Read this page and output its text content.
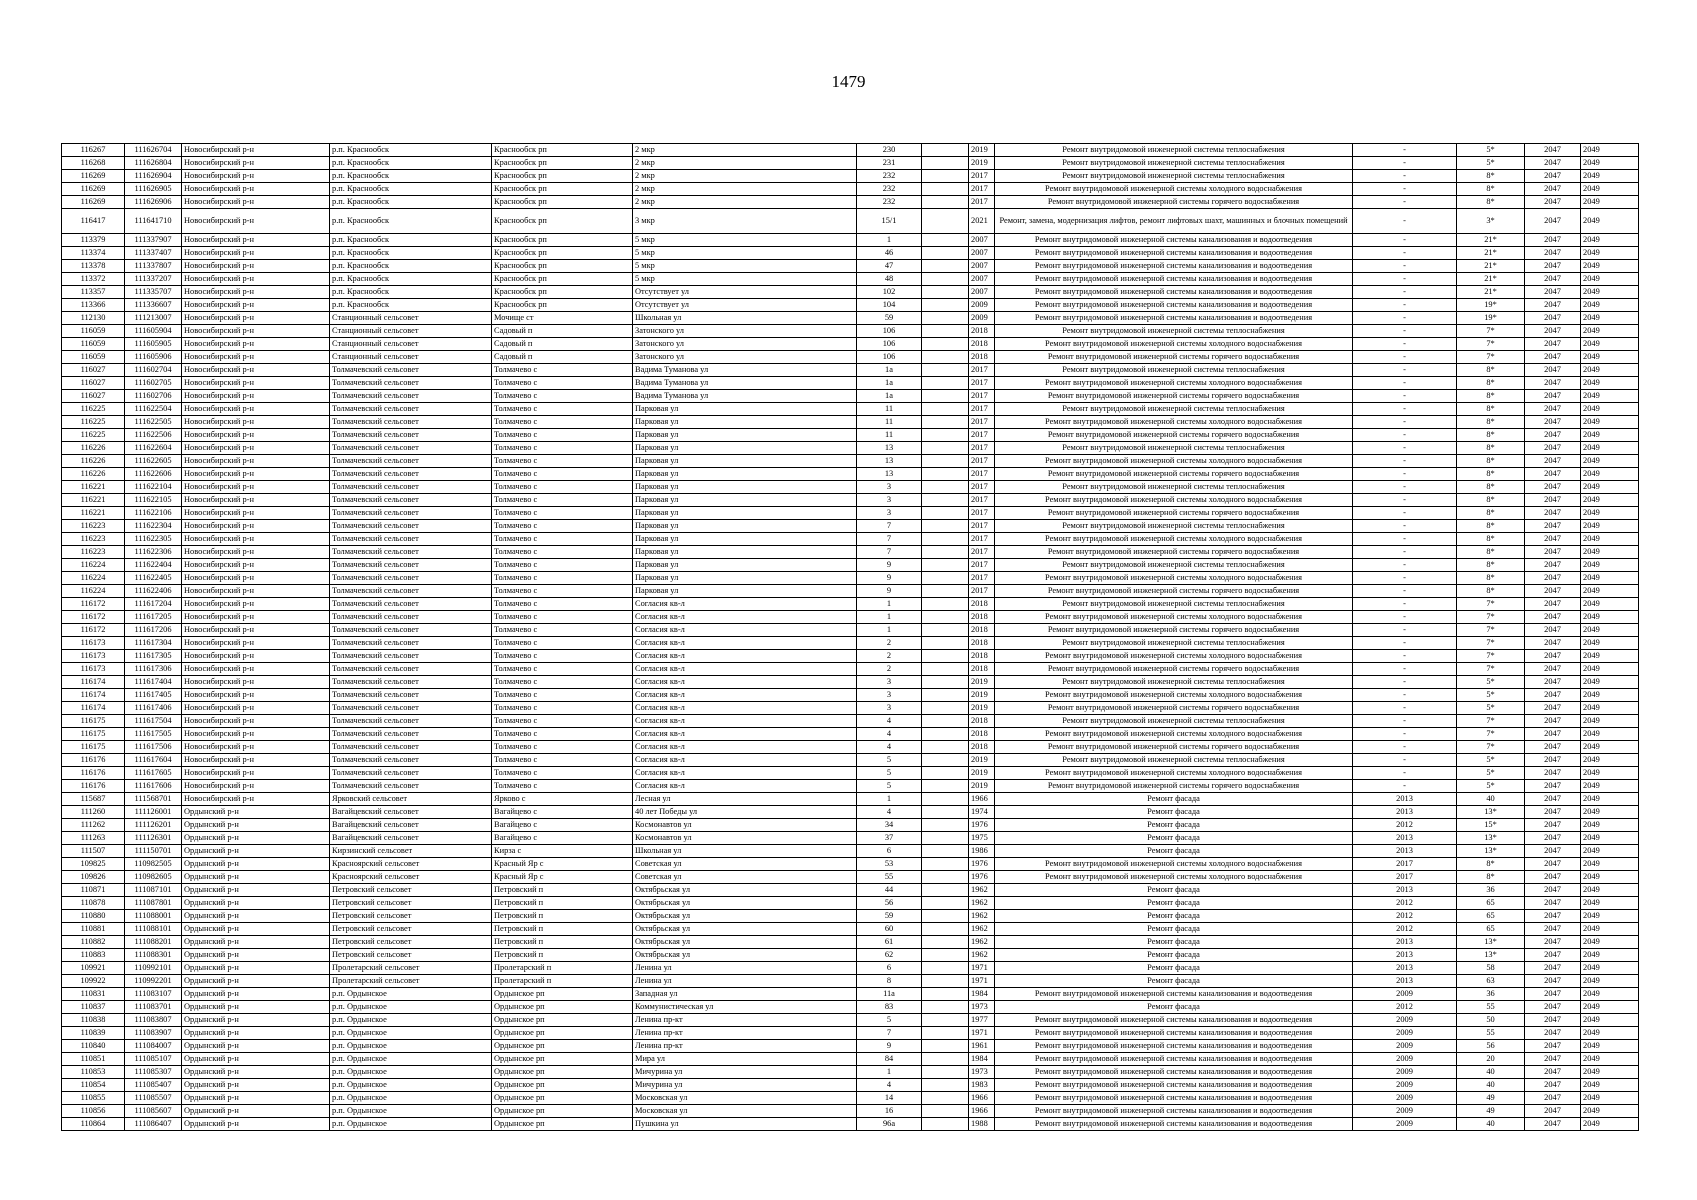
1479
116267	111626704	Новосибирский р-н	р.п. Краснообск	Краснообск рп	2 мкр	230		2019	Ремонт внутридомовой инженерной системы теплоснабжения	-	5*	2047	2049
116268	111626804	Новосибирский р-н	р.п. Краснообск	Краснообск рп	2 мкр	231		2019	Ремонт внутридомовой инженерной системы теплоснабжения	-	5*	2047	2049
116269	111626904	Новосибирский р-н	р.п. Краснообск	Краснообск рп	2 мкр	232		2017	Ремонт внутридомовой инженерной системы теплоснабжения	-	8*	2047	2049
116269	111626905	Новосибирский р-н	р.п. Краснообск	Краснообск рп	2 мкр	232		2017	Ремонт внутридомовой инженерной системы холодного водоснабжения	-	8*	2047	2049
116269	111626906	Новосибирский р-н	р.п. Краснообск	Краснообск рп	2 мкр	232		2017	Ремонт внутридомовой инженерной системы горячего водоснабжения	-	8*	2047	2049
116417	111641710	Новосибирский р-н	р.п. Краснообск	Краснообск рп	3 мкр	15/1		2021	Ремонт, замена, модернизация лифтов, ремонт лифтовых шахт, машинных и блочных помещений	-	3*	2047	2049
113379	111337907	Новосибирский р-н	р.п. Краснообск	Краснообск рп	5 мкр	1		2007	Ремонт внутридомовой инженерной системы канализования и водоотведения	-	21*	2047	2049
113374	111337407	Новосибирский р-н	р.п. Краснообск	Краснообск рп	5 мкр	46		2007	Ремонт внутридомовой инженерной системы канализования и водоотведения	-	21*	2047	2049
113378	111337807	Новосибирский р-н	р.п. Краснообск	Краснообск рп	5 мкр	47		2007	Ремонт внутридомовой инженерной системы канализования и водоотведения	-	21*	2047	2049
113372	111337207	Новосибирский р-н	р.п. Краснообск	Краснообск рп	5 мкр	48		2007	Ремонт внутридомовой инженерной системы канализования и водоотведения	-	21*	2047	2049
113357	111335707	Новосибирский р-н	р.п. Краснообск	Краснообск рп	Отсутствует ул	102		2007	Ремонт внутридомовой инженерной системы канализования и водоотведения	-	21*	2047	2049
113366	111336607	Новосибирский р-н	р.п. Краснообск	Краснообск рп	Отсутствует ул	104		2009	Ремонт внутридомовой инженерной системы канализования и водоотведения	-	19*	2047	2049
112130	111213007	Новосибирский р-н	Станционный сельсовет	Мочище ст	Школьная ул	59		2009	Ремонт внутридомовой инженерной системы канализования и водоотведения	-	19*	2047	2049
116059	111605904	Новосибирский р-н	Станционный сельсовет	Садовый п	Затонского ул	106		2018	Ремонт внутридомовой инженерной системы теплоснабжения	-	7*	2047	2049
116059	111605905	Новосибирский р-н	Станционный сельсовет	Садовый п	Затонского ул	106		2018	Ремонт внутридомовой инженерной системы холодного водоснабжения	-	7*	2047	2049
116059	111605906	Новосибирский р-н	Станционный сельсовет	Садовый п	Затонского ул	106		2018	Ремонт внутридомовой инженерной системы горячего водоснабжения	-	7*	2047	2049
116027	111602704	Новосибирский р-н	Толмачевский сельсовет	Толмачево с	Вадима Туманова ул	1а		2017	Ремонт внутридомовой инженерной системы теплоснабжения	-	8*	2047	2049
116027	111602705	Новосибирский р-н	Толмачевский сельсовет	Толмачево с	Вадима Туманова ул	1а		2017	Ремонт внутридомовой инженерной системы холодного водоснабжения	-	8*	2047	2049
116027	111602706	Новосибирский р-н	Толмачевский сельсовет	Толмачево с	Вадима Туманова ул	1а		2017	Ремонт внутридомовой инженерной системы горячего водоснабжения	-	8*	2047	2049
116225	111622504	Новосибирский р-н	Толмачевский сельсовет	Толмачево с	Парковая ул	11		2017	Ремонт внутридомовой инженерной системы теплоснабжения	-	8*	2047	2049
116225	111622505	Новосибирский р-н	Толмачевский сельсовет	Толмачево с	Парковая ул	11		2017	Ремонт внутридомовой инженерной системы холодного водоснабжения	-	8*	2047	2049
116225	111622506	Новосибирский р-н	Толмачевский сельсовет	Толмачево с	Парковая ул	11		2017	Ремонт внутридомовой инженерной системы горячего водоснабжения	-	8*	2047	2049
116226	111622604	Новосибирский р-н	Толмачевский сельсовет	Толмачево с	Парковая ул	13		2017	Ремонт внутридомовой инженерной системы теплоснабжения	-	8*	2047	2049
116226	111622605	Новосибирский р-н	Толмачевский сельсовет	Толмачево с	Парковая ул	13		2017	Ремонт внутридомовой инженерной системы холодного водоснабжения	-	8*	2047	2049
116226	111622606	Новосибирский р-н	Толмачевский сельсовет	Толмачево с	Парковая ул	13		2017	Ремонт внутридомовой инженерной системы горячего водоснабжения	-	8*	2047	2049
116221	111622104	Новосибирский р-н	Толмачевский сельсовет	Толмачево с	Парковая ул	3		2017	Ремонт внутридомовой инженерной системы теплоснабжения	-	8*	2047	2049
116221	111622105	Новосибирский р-н	Толмачевский сельсовет	Толмачево с	Парковая ул	3		2017	Ремонт внутридомовой инженерной системы холодного водоснабжения	-	8*	2047	2049
116221	111622106	Новосибирский р-н	Толмачевский сельсовет	Толмачево с	Парковая ул	3		2017	Ремонт внутридомовой инженерной системы горячего водоснабжения	-	8*	2047	2049
116223	111622304	Новосибирский р-н	Толмачевский сельсовет	Толмачево с	Парковая ул	7		2017	Ремонт внутридомовой инженерной системы теплоснабжения	-	8*	2047	2049
116223	111622305	Новосибирский р-н	Толмачевский сельсовет	Толмачево с	Парковая ул	7		2017	Ремонт внутридомовой инженерной системы холодного водоснабжения	-	8*	2047	2049
116223	111622306	Новосибирский р-н	Толмачевский сельсовет	Толмачево с	Парковая ул	7		2017	Ремонт внутридомовой инженерной системы горячего водоснабжения	-	8*	2047	2049
116224	111622404	Новосибирский р-н	Толмачевский сельсовет	Толмачево с	Парковая ул	9		2017	Ремонт внутридомовой инженерной системы теплоснабжения	-	8*	2047	2049
116224	111622405	Новосибирский р-н	Толмачевский сельсовет	Толмачево с	Парковая ул	9		2017	Ремонт внутридомовой инженерной системы холодного водоснабжения	-	8*	2047	2049
116224	111622406	Новосибирский р-н	Толмачевский сельсовет	Толмачево с	Парковая ул	9		2017	Ремонт внутридомовой инженерной системы горячего водоснабжения	-	8*	2047	2049
116172	111617204	Новосибирский р-н	Толмачевский сельсовет	Толмачево с	Согласия кв-л	1		2018	Ремонт внутридомовой инженерной системы теплоснабжения	-	7*	2047	2049
116172	111617205	Новосибирский р-н	Толмачевский сельсовет	Толмачево с	Согласия кв-л	1		2018	Ремонт внутридомовой инженерной системы холодного водоснабжения	-	7*	2047	2049
116172	111617206	Новосибирский р-н	Толмачевский сельсовет	Толмачево с	Согласия кв-л	1		2018	Ремонт внутридомовой инженерной системы горячего водоснабжения	-	7*	2047	2049
116173	111617304	Новосибирский р-н	Толмачевский сельсовет	Толмачево с	Согласия кв-л	2		2018	Ремонт внутридомовой инженерной системы теплоснабжения	-	7*	2047	2049
116173	111617305	Новосибирский р-н	Толмачевский сельсовет	Толмачево с	Согласия кв-л	2		2018	Ремонт внутридомовой инженерной системы холодного водоснабжения	-	7*	2047	2049
116173	111617306	Новосибирский р-н	Толмачевский сельсовет	Толмачево с	Согласия кв-л	2		2018	Ремонт внутридомовой инженерной системы горячего водоснабжения	-	7*	2047	2049
116174	111617404	Новосибирский р-н	Толмачевский сельсовет	Толмачево с	Согласия кв-л	3		2019	Ремонт внутридомовой инженерной системы теплоснабжения	-	5*	2047	2049
116174	111617405	Новосибирский р-н	Толмачевский сельсовет	Толмачево с	Согласия кв-л	3		2019	Ремонт внутридомовой инженерной системы холодного водоснабжения	-	5*	2047	2049
116174	111617406	Новосибирский р-н	Толмачевский сельсовет	Толмачево с	Согласия кв-л	3		2019	Ремонт внутридомовой инженерной системы горячего водоснабжения	-	5*	2047	2049
116175	111617504	Новосибирский р-н	Толмачевский сельсовет	Толмачево с	Согласия кв-л	4		2018	Ремонт внутридомовой инженерной системы теплоснабжения	-	7*	2047	2049
116175	111617505	Новосибирский р-н	Толмачевский сельсовет	Толмачево с	Согласия кв-л	4		2018	Ремонт внутридомовой инженерной системы холодного водоснабжения	-	7*	2047	2049
116175	111617506	Новосибирский р-н	Толмачевский сельсовет	Толмачево с	Согласия кв-л	4		2018	Ремонт внутридомовой инженерной системы горячего водоснабжения	-	7*	2047	2049
116176	111617604	Новосибирский р-н	Толмачевский сельсовет	Толмачево с	Согласия кв-л	5		2019	Ремонт внутридомовой инженерной системы теплоснабжения	-	5*	2047	2049
116176	111617605	Новосибирский р-н	Толмачевский сельсовет	Толмачево с	Согласия кв-л	5		2019	Ремонт внутридомовой инженерной системы холодного водоснабжения	-	5*	2047	2049
116176	111617606	Новосибирский р-н	Толмачевский сельсовет	Толмачево с	Согласия кв-л	5		2019	Ремонт внутридомовой инженерной системы горячего водоснабжения	-	5*	2047	2049
115687	111568701	Новосибирский р-н	Ярковский сельсовет	Ярково с	Лесная ул	1		1966	Ремонт фасада	2013	40	2047	2049
111260	111126001	Ордынский р-н	Вагайцевский сельсовет	Вагайцево с	40 лет Победы ул	4		1974	Ремонт фасада	2013	13*	2047	2049
111262	111126201	Ордынский р-н	Вагайцевский сельсовет	Вагайцево с	Космонавтов ул	34		1976	Ремонт фасада	2012	15*	2047	2049
111263	111126301	Ордынский р-н	Вагайцевский сельсовет	Вагайцево с	Космонавтов ул	37		1975	Ремонт фасада	2013	13*	2047	2049
111507	111150701	Ордынский р-н	Кирзинский сельсовет	Кирза с	Школьная ул	6		1986	Ремонт фасада	2013	13*	2047	2049
109825	110982505	Ордынский р-н	Красноярский сельсовет	Красный Яр с	Советская ул	53		1976	Ремонт внутридомовой инженерной системы холодного водоснабжения	2017	8*	2047	2049
109826	110982605	Ордынский р-н	Красноярский сельсовет	Красный Яр с	Советская ул	55		1976	Ремонт внутридомовой инженерной системы холодного водоснабжения	2017	8*	2047	2049
110871	111087101	Ордынский р-н	Петровский сельсовет	Петровский п	Октябрьская ул	44		1962	Ремонт фасада	2013	36	2047	2049
110878	111087801	Ордынский р-н	Петровский сельсовет	Петровский п	Октябрьская ул	56		1962	Ремонт фасада	2012	65	2047	2049
110880	111088001	Ордынский р-н	Петровский сельсовет	Петровский п	Октябрьская ул	59		1962	Ремонт фасада	2012	65	2047	2049
110881	111088101	Ордынский р-н	Петровский сельсовет	Петровский п	Октябрьская ул	60		1962	Ремонт фасада	2012	65	2047	2049
110882	111088201	Ордынский р-н	Петровский сельсовет	Петровский п	Октябрьская ул	61		1962	Ремонт фасада	2013	13*	2047	2049
110883	111088301	Ордынский р-н	Петровский сельсовет	Петровский п	Октябрьская ул	62		1962	Ремонт фасада	2013	13*	2047	2049
109921	110992101	Ордынский р-н	Пролетарский сельсовет	Пролетарский п	Ленина ул	6		1971	Ремонт фасада	2013	58	2047	2049
109922	110992201	Ордынский р-н	Пролетарский сельсовет	Пролетарский п	Ленина ул	8		1971	Ремонт фасада	2013	63	2047	2049
110831	111083107	Ордынский р-н	р.п. Ордынское	Ордынское рп	Западная ул	11а		1984	Ремонт внутридомовой инженерной системы канализования и водоотведения	2009	36	2047	2049
110837	111083701	Ордынский р-н	р.п. Ордынское	Ордынское рп	Коммунистическая ул	83		1973	Ремонт фасада	2012	55	2047	2049
110838	111083807	Ордынский р-н	р.п. Ордынское	Ордынское рп	Ленина пр-кт	5		1977	Ремонт внутридомовой инженерной системы канализования и водоотведения	2009	50	2047	2049
110839	111083907	Ордынский р-н	р.п. Ордынское	Ордынское рп	Ленина пр-кт	7		1971	Ремонт внутридомовой инженерной системы канализования и водоотведения	2009	55	2047	2049
110840	111084007	Ордынский р-н	р.п. Ордынское	Ордынское рп	Ленина пр-кт	9		1961	Ремонт внутридомовой инженерной системы канализования и водоотведения	2009	56	2047	2049
110851	111085107	Ордынский р-н	р.п. Ордынское	Ордынское рп	Мира ул	84		1984	Ремонт внутридомовой инженерной системы канализования и водоотведения	2009	20	2047	2049
110853	111085307	Ордынский р-н	р.п. Ордынское	Ордынское рп	Мичурина ул	1		1973	Ремонт внутридомовой инженерной системы канализования и водоотведения	2009	40	2047	2049
110854	111085407	Ордынский р-н	р.п. Ордынское	Ордынское рп	Мичурина ул	4		1983	Ремонт внутридомовой инженерной системы канализования и водоотведения	2009	40	2047	2049
110855	111085507	Ордынский р-н	р.п. Ордынское	Ордынское рп	Московская ул	14		1966	Ремонт внутридомовой инженерной системы канализования и водоотведения	2009	49	2047	2049
110856	111085607	Ордынский р-н	р.п. Ордынское	Ордынское рп	Московская ул	16		1966	Ремонт внутридомовой инженерной системы канализования и водоотведения	2009	49	2047	2049
110864	111086407	Ордынский р-н	р.п. Ордынское	Ордынское рп	Пушкина ул	96а		1988	Ремонт внутридомовой инженерной системы канализования и водоотведения	2009	40	2047	2049
